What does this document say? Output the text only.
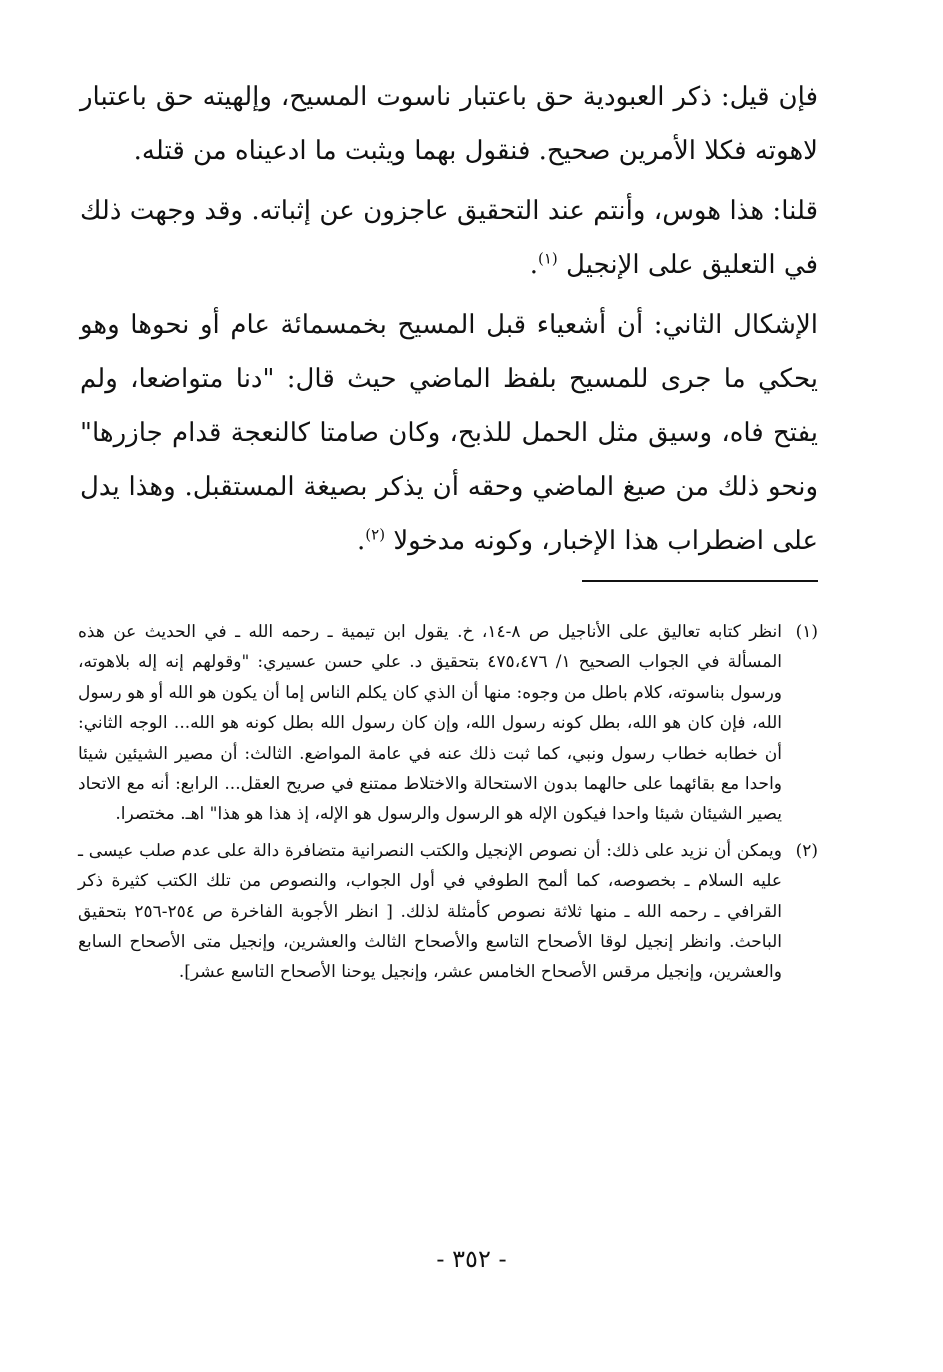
فإن قيل: ذكر العبودية حق باعتبار ناسوت المسيح، وإلهيته حق باعتبار لاهوته فكلا الأمرين صحيح. فنقول بهما ويثبت ما ادعيناه من قتله.

قلنا: هذا هوس، وأنتم عند التحقيق عاجزون عن إثباته. وقد وجهت ذلك في التعليق على الإنجيل $^{(١)}$.

الإشكال الثاني: أن أشعياء قبل المسيح بخمسمائة عام أو نحوها وهو يحكي ما جرى للمسيح بلفظ الماضي حيث قال: "دنا متواضعا، ولم يفتح فاه، وسيق مثل الحمل للذبح، وكان صامتا كالنعجة قدام جازرها" ونحو ذلك من صيغ الماضي وحقه أن يذكر بصيغة المستقبل. وهذا يدل على اضطراب هذا الإخبار، وكونه مدخولا $^{(٢)}$.

(١)
انظر كتابه تعاليق على الأناجيل ص ٨-١٤، خ. يقول ابن تيمية ـ رحمه الله ـ في الحديث عن هذه المسألة في الجواب الصحيح ١/ ٤٧٥،٤٧٦ بتحقيق د. علي حسن عسيري: "وقولهم إنه إله بلاهوته، ورسول بناسوته، كلام باطل من وجوه: منها أن الذي كان يكلم الناس إما أن يكون هو الله أو هو رسول الله، فإن كان هو الله، بطل كونه رسول الله، وإن كان رسول الله بطل كونه هو الله... الوجه الثاني: أن خطابه خطاب رسول ونبي، كما ثبت ذلك عنه في عامة المواضع. الثالث: أن مصير الشيئين شيئا واحدا مع بقائهما على حالهما بدون الاستحالة والاختلاط ممتنع في صريح العقل... الرابع: أنه مع الاتحاد يصير الشيئان شيئا واحدا فيكون الإله هو الرسول والرسول هو الإله، إذ هذا هو هذا" اهـ. مختصرا.
(٢)
ويمكن أن نزيد على ذلك: أن نصوص الإنجيل والكتب النصرانية متضافرة دالة على عدم صلب عيسى ـ عليه السلام ـ بخصوصه، كما ألمح الطوفي في أول الجواب، والنصوص من تلك الكتب كثيرة ذكر القرافي ـ رحمه الله ـ منها ثلاثة نصوص كأمثلة لذلك. [ انظر الأجوبة الفاخرة ص ٢٥٤-٢٥٦ بتحقيق الباحث. وانظر إنجيل لوقا الأصحاح التاسع والأصحاح الثالث والعشرين، وإنجيل متى الأصحاح السابع والعشرين، وإنجيل مرقس الأصحاح الخامس عشر، وإنجيل يوحنا الأصحاح التاسع عشر].
- ٣٥٢ -
